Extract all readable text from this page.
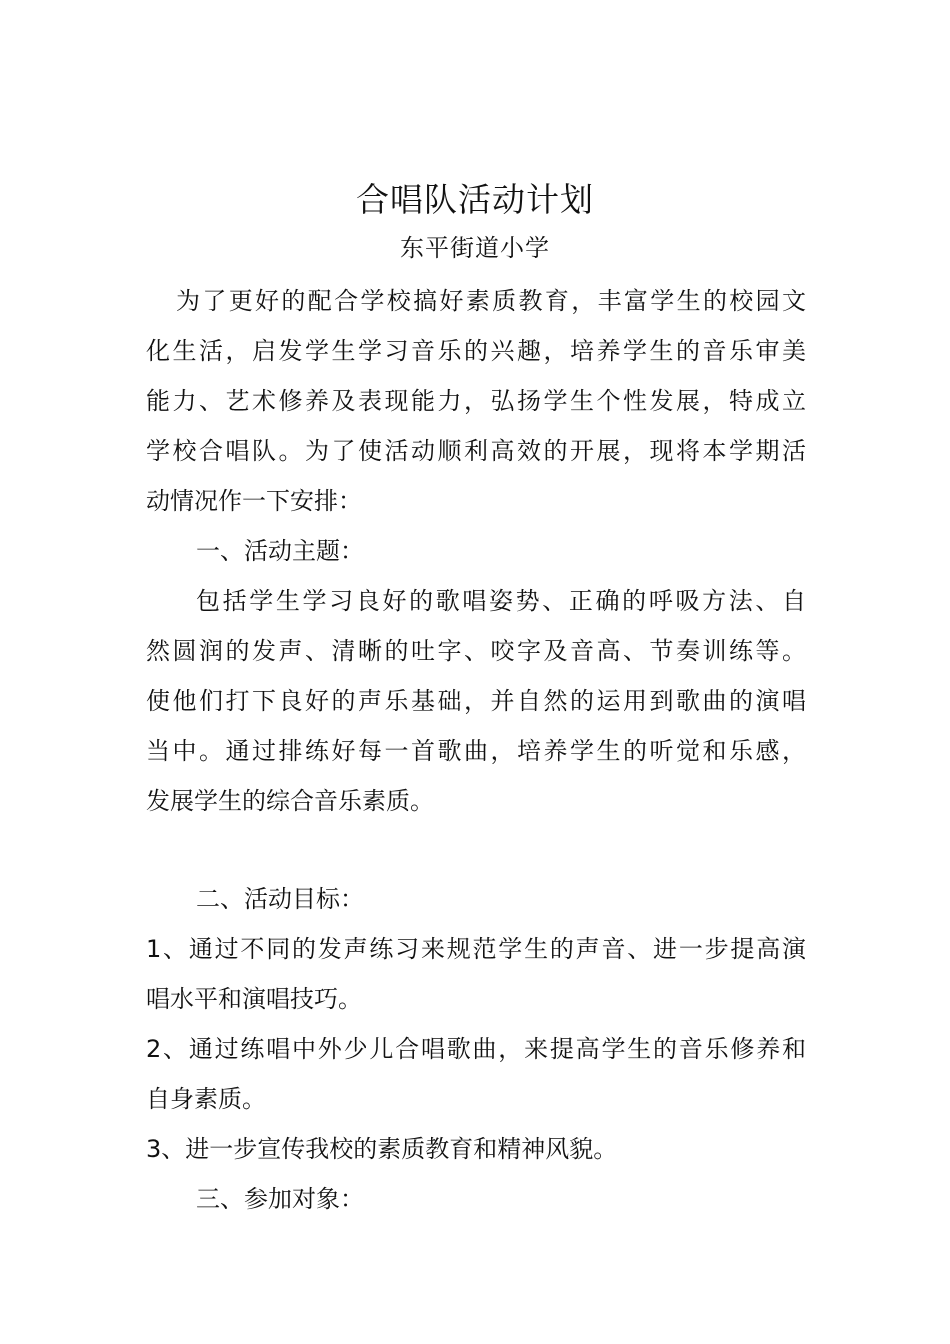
合唱队活动计划
东平街道小学
为了更好的配合学校搞好素质教育，丰富学生的校园文
化生活，启发学生学习音乐的兴趣，培养学生的音乐审美
能力、艺术修养及表现能力，弘扬学生个性发展，特成立
学校合唱队。为了使活动顺利高效的开展，现将本学期活
动情况作一下安排：
一、活动主题：
包括学生学习良好的歌唱姿势、正确的呼吸方法、自
然圆润的发声、清晰的吐字、咬字及音高、节奏训练等。
使他们打下良好的声乐基础，并自然的运用到歌曲的演唱
当中。通过排练好每一首歌曲，培养学生的听觉和乐感，
发展学生的综合音乐素质。
二、活动目标：
1、通过不同的发声练习来规范学生的声音、进一步提高演
唱水平和演唱技巧。
2、通过练唱中外少儿合唱歌曲，来提高学生的音乐修养和
自身素质。
3、进一步宣传我校的素质教育和精神风貌。
三、参加对象：
